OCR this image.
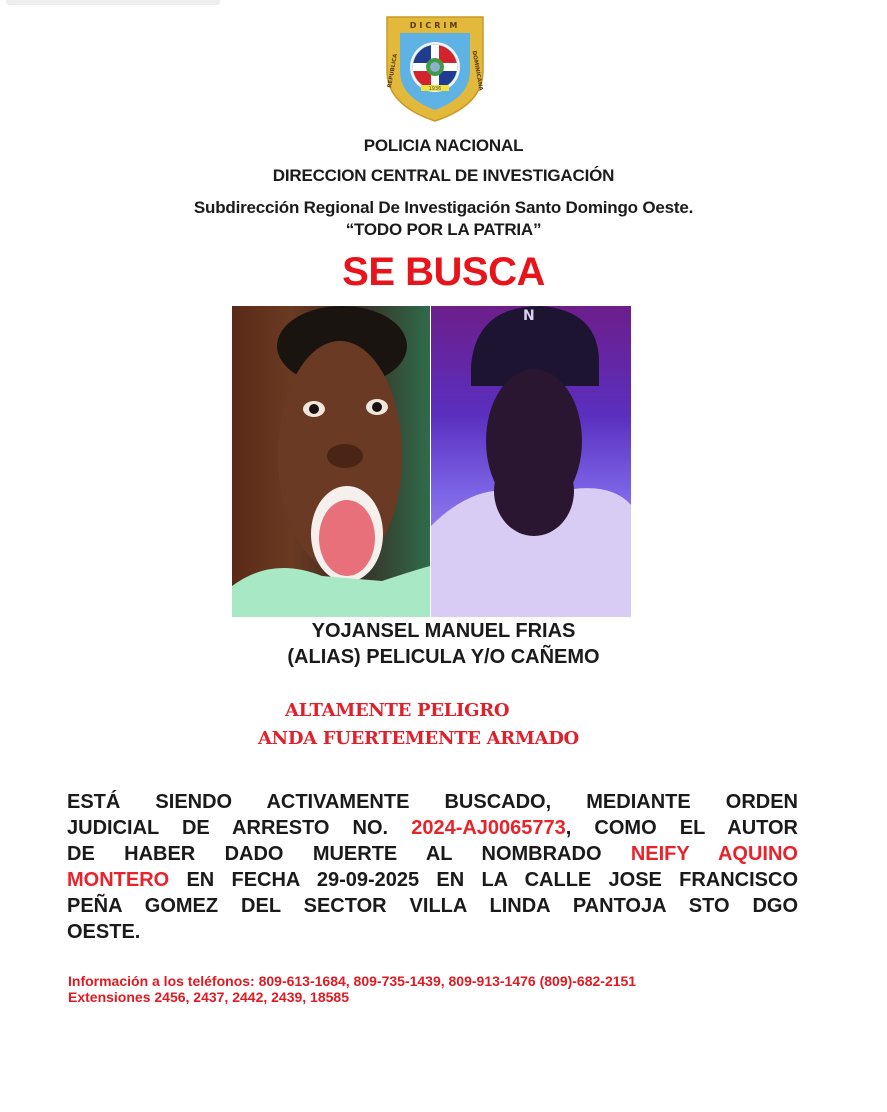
1936
DICRIM
REPUBLICA	DOMINICANA
POLICIA NACIONAL
DIRECCION CENTRAL DE INVESTIGACIÓN
Subdirección Regional De Investigación Santo Domingo Oeste.
“TODO POR LA PATRIA”
SE BUSCA
N
YOJANSEL MANUEL FRIAS
(ALIAS) PELICULA Y/O CAÑEMO
ALTAMENTE PELIGRO
ANDA FUERTEMENTE ARMADO
ESTÁ SIENDO ACTIVAMENTE BUSCADO, MEDIANTE ORDEN
JUDICIAL DE ARRESTO NO. 2024-AJ0065773, COMO EL AUTOR
DE HABER DADO MUERTE AL NOMBRADO NEIFY AQUINO
MONTERO EN FECHA 29-09-2025 EN LA CALLE JOSE FRANCISCO
PEÑA GOMEZ DEL SECTOR VILLA LINDA PANTOJA STO DGO
OESTE.
Información a los teléfonos: 809-613-1684, 809-735-1439, 809-913-1476 (809)-682-2151
Extensiones 2456, 2437, 2442, 2439, 18585
